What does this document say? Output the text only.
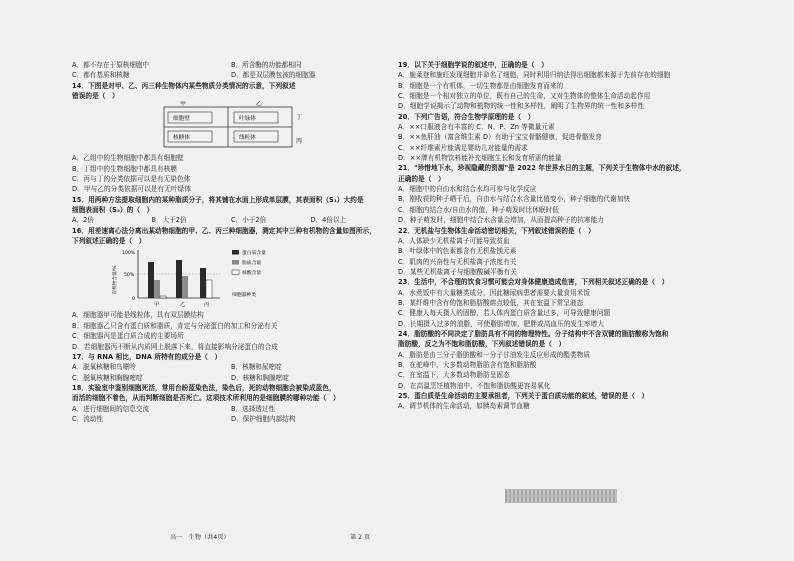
A．都不存在于原核细胞中	B．所含酶的功能都相同
C．都有基质和核糖	D．都是双层膜包被的细胞器
14．下图是对甲、乙、丙三种生物体内某些物质分类情况的示意，下列叙述
错误的是（　）
甲	乙
丙
丁
细胞壁	叶绿体
核糖体	线粒体
A．乙组中的生物细胞中都具有细胞壁
B．丁组中的生物细胞中都具有核膜
C．丙与丁的分类依据可以是有无染色体
D．甲与乙的分类依据可以是有无叶绿体
15．用两种方法提取细胞内的某种脂质分子，将其铺在水面上形成单层膜，其表面积（S₁）大约是
细胞表面积（S₂）的（　）
A．2倍	B．大于2倍	C．小于2倍	D．4倍以上
16．用差速离心法分离出某动物细胞的甲、乙、丙三种细胞器，测定其中三种有机物的含量如图所示，
下列叙述正确的是（　）
有机物含量/%
100%
50%
0
甲	乙	丙
蛋白质含量
脂质含量
核酸含量
细胞器种类
A．细胞器甲可能是线粒体，具有双层膜结构
B．细胞器乙只含有蛋白质和脂质，肯定与分泌蛋白的加工和分泌有关
C．细胞器丙是蛋白质合成的主要场所
D．若细胞器丙不断从内质网上脱落下来，将直接影响分泌蛋白的合成
17．与 RNA 相比，DNA 所特有的成分是（　）
A．脱氧核糖和鸟嘌呤	B．核糖和尿嘧啶
C．脱氧核糖和胸腺嘧啶	D．核糖和胸腺嘧啶
18．实验室中鉴别细胞死活，常用台盼蓝染色法，染色后，死的动物细胞会被染成蓝色，
而活的细胞不着色，从而判断细胞是否死亡。这项技术所利用的是细胞膜的哪种功能（　）
A．进行细胞间的信息交流	B．选择透过性
C．流动性	D．保护细胞内部结构
19．以下关于细胞学说的叙述中，正确的是（　）
A．施莱登和施旺发现细胞并命名了细胞，同时利用归纳法得出细胞都来源于先前存在的细胞
B．细胞是一个有机体，一切生物都是由细胞发育而来的
C．细胞是一个相对独立的单位，既有自己的生命，又对生物体的整体生命活动起作用
D．细胞学说揭示了动物和植物的统一性和多样性，阐明了生物界的统一性和多样性
20．下列广告语，符合生物学原理的是（　）
A．××口服液含有丰富的 C、N、P、Zn 等微量元素
B．××鱼肝油（富含维生素 D）有助于宝宝骨骼健康，促进骨骼发育
C．××纤维素片能满足婴幼儿对能量的需求
D．××牌有机物饮料能补充细胞生长和发育所需的能量
21．"珍惜地下水，珍视隐藏的资源"是 2022 年世界水日的主题，下列关于生物体中水的叙述，
正确的是（　）
A．细胞中的自由水和结合水均可参与化学反应
B．刚收获的种子晒干后，自由水与结合水含量比值变小，种子细胞的代谢加快
C．细胞内结合水/自由水的值，种子萌发时比休眠时低
D．种子萌发时，细胞中结合水含量会增加，从而提高种子的抗寒能力
22．无机盐与生物体生命活动密切相关，下列叙述错误的是（　）
A．人体缺少无机盐离子可能导致贫血
B．叶绿体中的色素都含有无机盐镁元素
C．肌肉的兴奋性与无机盐离子浓度有关
D．某些无机盐离子与细胞酸碱平衡有关
23．生活中，不合理的饮食习惯可能会对身体健康造成危害，下列相关叙述正确的是（　）
A．水煮饭中有大量糖类成分，因此糖尿病患者需要大量食用米饭
B．某纤维中含有的饱和脂肪酸熔点较低，其在室温下常呈液态
C．健康人每天摄入的固醇，若人体内蛋白质含量过多，可导致健康问题
D．长期摄入过多的油脂，可使脂肪增加，肥胖或高血压的发生率增大
24．脂肪酸的不同决定了脂肪具有不同的物理特性。分子结构中不含双键的脂肪酸称为饱和
脂肪酸，反之为不饱和脂肪酸，下列叙述错误的是（　）
A．脂肪是由三分子脂肪酸和一分子甘油发生反应形成的酯类物质
B．在驼峰中，大多数动物脂肪含有饱和脂肪酸
C．在室温下，大多数动物脂肪呈固态
D．在高温烹饪植物油中，不饱和脂肪酸更容易氧化
25．蛋白质是生命活动的主要承担者，下列关于蛋白质功能的叙述，错误的是（　）
A．调节机体的生命活动，如胰岛素调节血糖
高一　生物（共4页）	第 2 页
